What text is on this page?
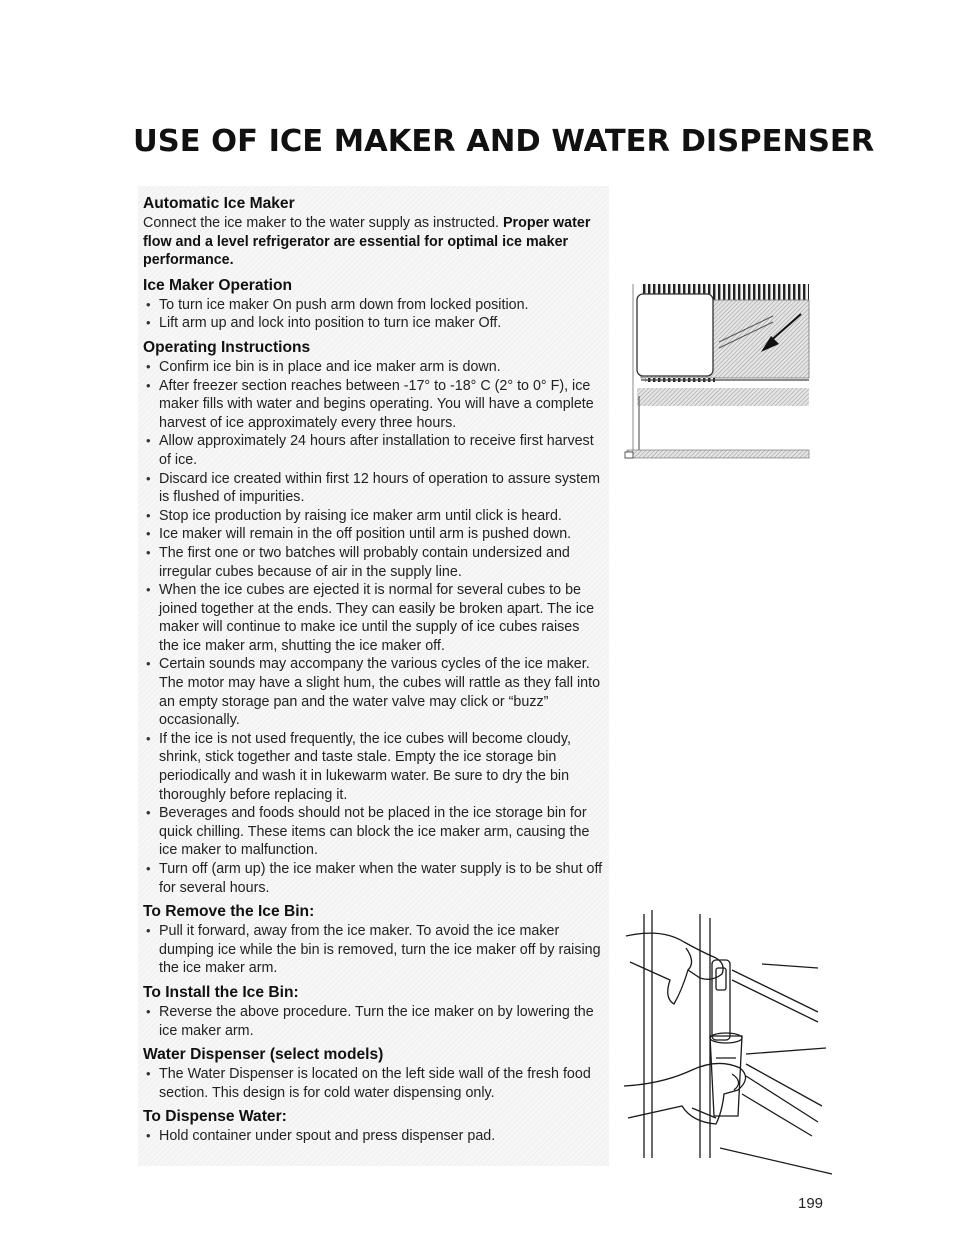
USE OF ICE MAKER AND WATER DISPENSER
Automatic Ice Maker

Connect the ice maker to the water supply as instructed. Proper water flow and a level refrigerator are essential for optimal ice maker performance.

Ice Maker Operation
• To turn ice maker On push arm down from locked position.
• Lift arm up and lock into position to turn ice maker Off.
Operating Instructions
• Confirm ice bin is in place and ice maker arm is down.
• After freezer section reaches between -17° to -18° C (2° to 0° F), ice maker fills with water and begins operating. You will have a complete harvest of ice approximately every three hours.
• Allow approximately 24 hours after installation to receive first harvest of ice.
• Discard ice created within first 12 hours of operation to assure system is flushed of impurities.
• Stop ice production by raising ice maker arm until click is heard.
• Ice maker will remain in the off position until arm is pushed down.
• The first one or two batches will probably contain undersized and irregular cubes because of air in the supply line.
• When the ice cubes are ejected it is normal for several cubes to be joined together at the ends. They can easily be broken apart. The ice maker will continue to make ice until the supply of ice cubes raises the ice maker arm, shutting the ice maker off.
• Certain sounds may accompany the various cycles of the ice maker. The motor may have a slight hum, the cubes will rattle as they fall into an empty storage pan and the water valve may click or “buzz” occasionally.
• If the ice is not used frequently, the ice cubes will become cloudy, shrink, stick together and taste stale. Empty the ice storage bin periodically and wash it in lukewarm water. Be sure to dry the bin thoroughly before replacing it.
• Beverages and foods should not be placed in the ice storage bin for quick chilling. These items can block the ice maker arm, causing the ice maker to malfunction.
• Turn off (arm up) the ice maker when the water supply is to be shut off for several hours.
To Remove the Ice Bin:
• Pull it forward, away from the ice maker. To avoid the ice maker dumping ice while the bin is removed, turn the ice maker off by raising the ice maker arm.
To Install the Ice Bin:
• Reverse the above procedure. Turn the ice maker on by lowering the ice maker arm.
Water Dispenser (select models)
• The Water Dispenser is located on the left side wall of the fresh food section. This design is for cold water dispensing only.
To Dispense Water:
• Hold container under spout and press dispenser pad.
199
